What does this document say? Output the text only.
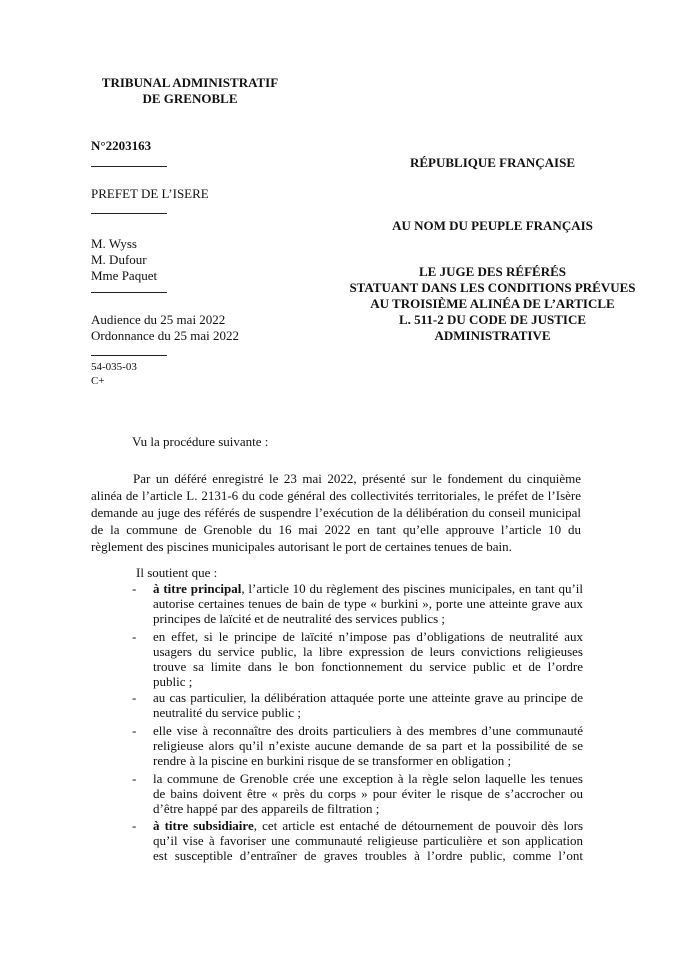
TRIBUNAL ADMINISTRATIF
DE GRENOBLE
N°2203163
PREFET DE L’ISERE
M. Wyss
M. Dufour
Mme Paquet
Audience du 25 mai 2022
Ordonnance du 25 mai 2022
54-035-03
C+
RÉPUBLIQUE FRANÇAISE
AU NOM DU PEUPLE FRANÇAIS
LE JUGE DES RÉFÉRÉS
STATUANT DANS LES CONDITIONS PRÉVUES
AU TROISIÈME ALINÉA DE L’ARTICLE
L. 511-2 DU CODE DE JUSTICE
ADMINISTRATIVE
Vu la procédure suivante :
Par un déféré enregistré le 23 mai 2022, présenté sur le fondement du cinquième
alinéa de l’article L. 2131-6 du code général des collectivités territoriales, le préfet de l’Isère
demande au juge des référés de suspendre l’exécution de la délibération du conseil municipal
de la commune de Grenoble du 16 mai 2022 en tant qu’elle approuve l’article 10 du
règlement des piscines municipales autorisant le port de certaines tenues de bain.
Il soutient que :
- à titre principal, l’article 10 du règlement des piscines municipales, en tant qu’il
autorise certaines tenues de bain de type « burkini », porte une atteinte grave aux
principes de laïcité et de neutralité des services publics ;
- en effet, si le principe de laïcité n’impose pas d’obligations de neutralité aux
usagers du service public, la libre expression de leurs convictions religieuses
trouve sa limite dans le bon fonctionnement du service public et de l’ordre
public ;
- au cas particulier, la délibération attaquée porte une atteinte grave au principe de
neutralité du service public ;
- elle vise à reconnaître des droits particuliers à des membres d’une communauté
religieuse alors qu’il n’existe aucune demande de sa part et la possibilité de se
rendre à la piscine en burkini risque de se transformer en obligation ;
- la commune de Grenoble crée une exception à la règle selon laquelle les tenues
de bains doivent être « près du corps » pour éviter le risque de s’accrocher ou
d’être happé par des appareils de filtration ;
- à titre subsidiaire, cet article est entaché de détournement de pouvoir dès lors
qu’il vise à favoriser une communauté religieuse particulière et son application
est susceptible d’entraîner de graves troubles à l’ordre public, comme l’ont
